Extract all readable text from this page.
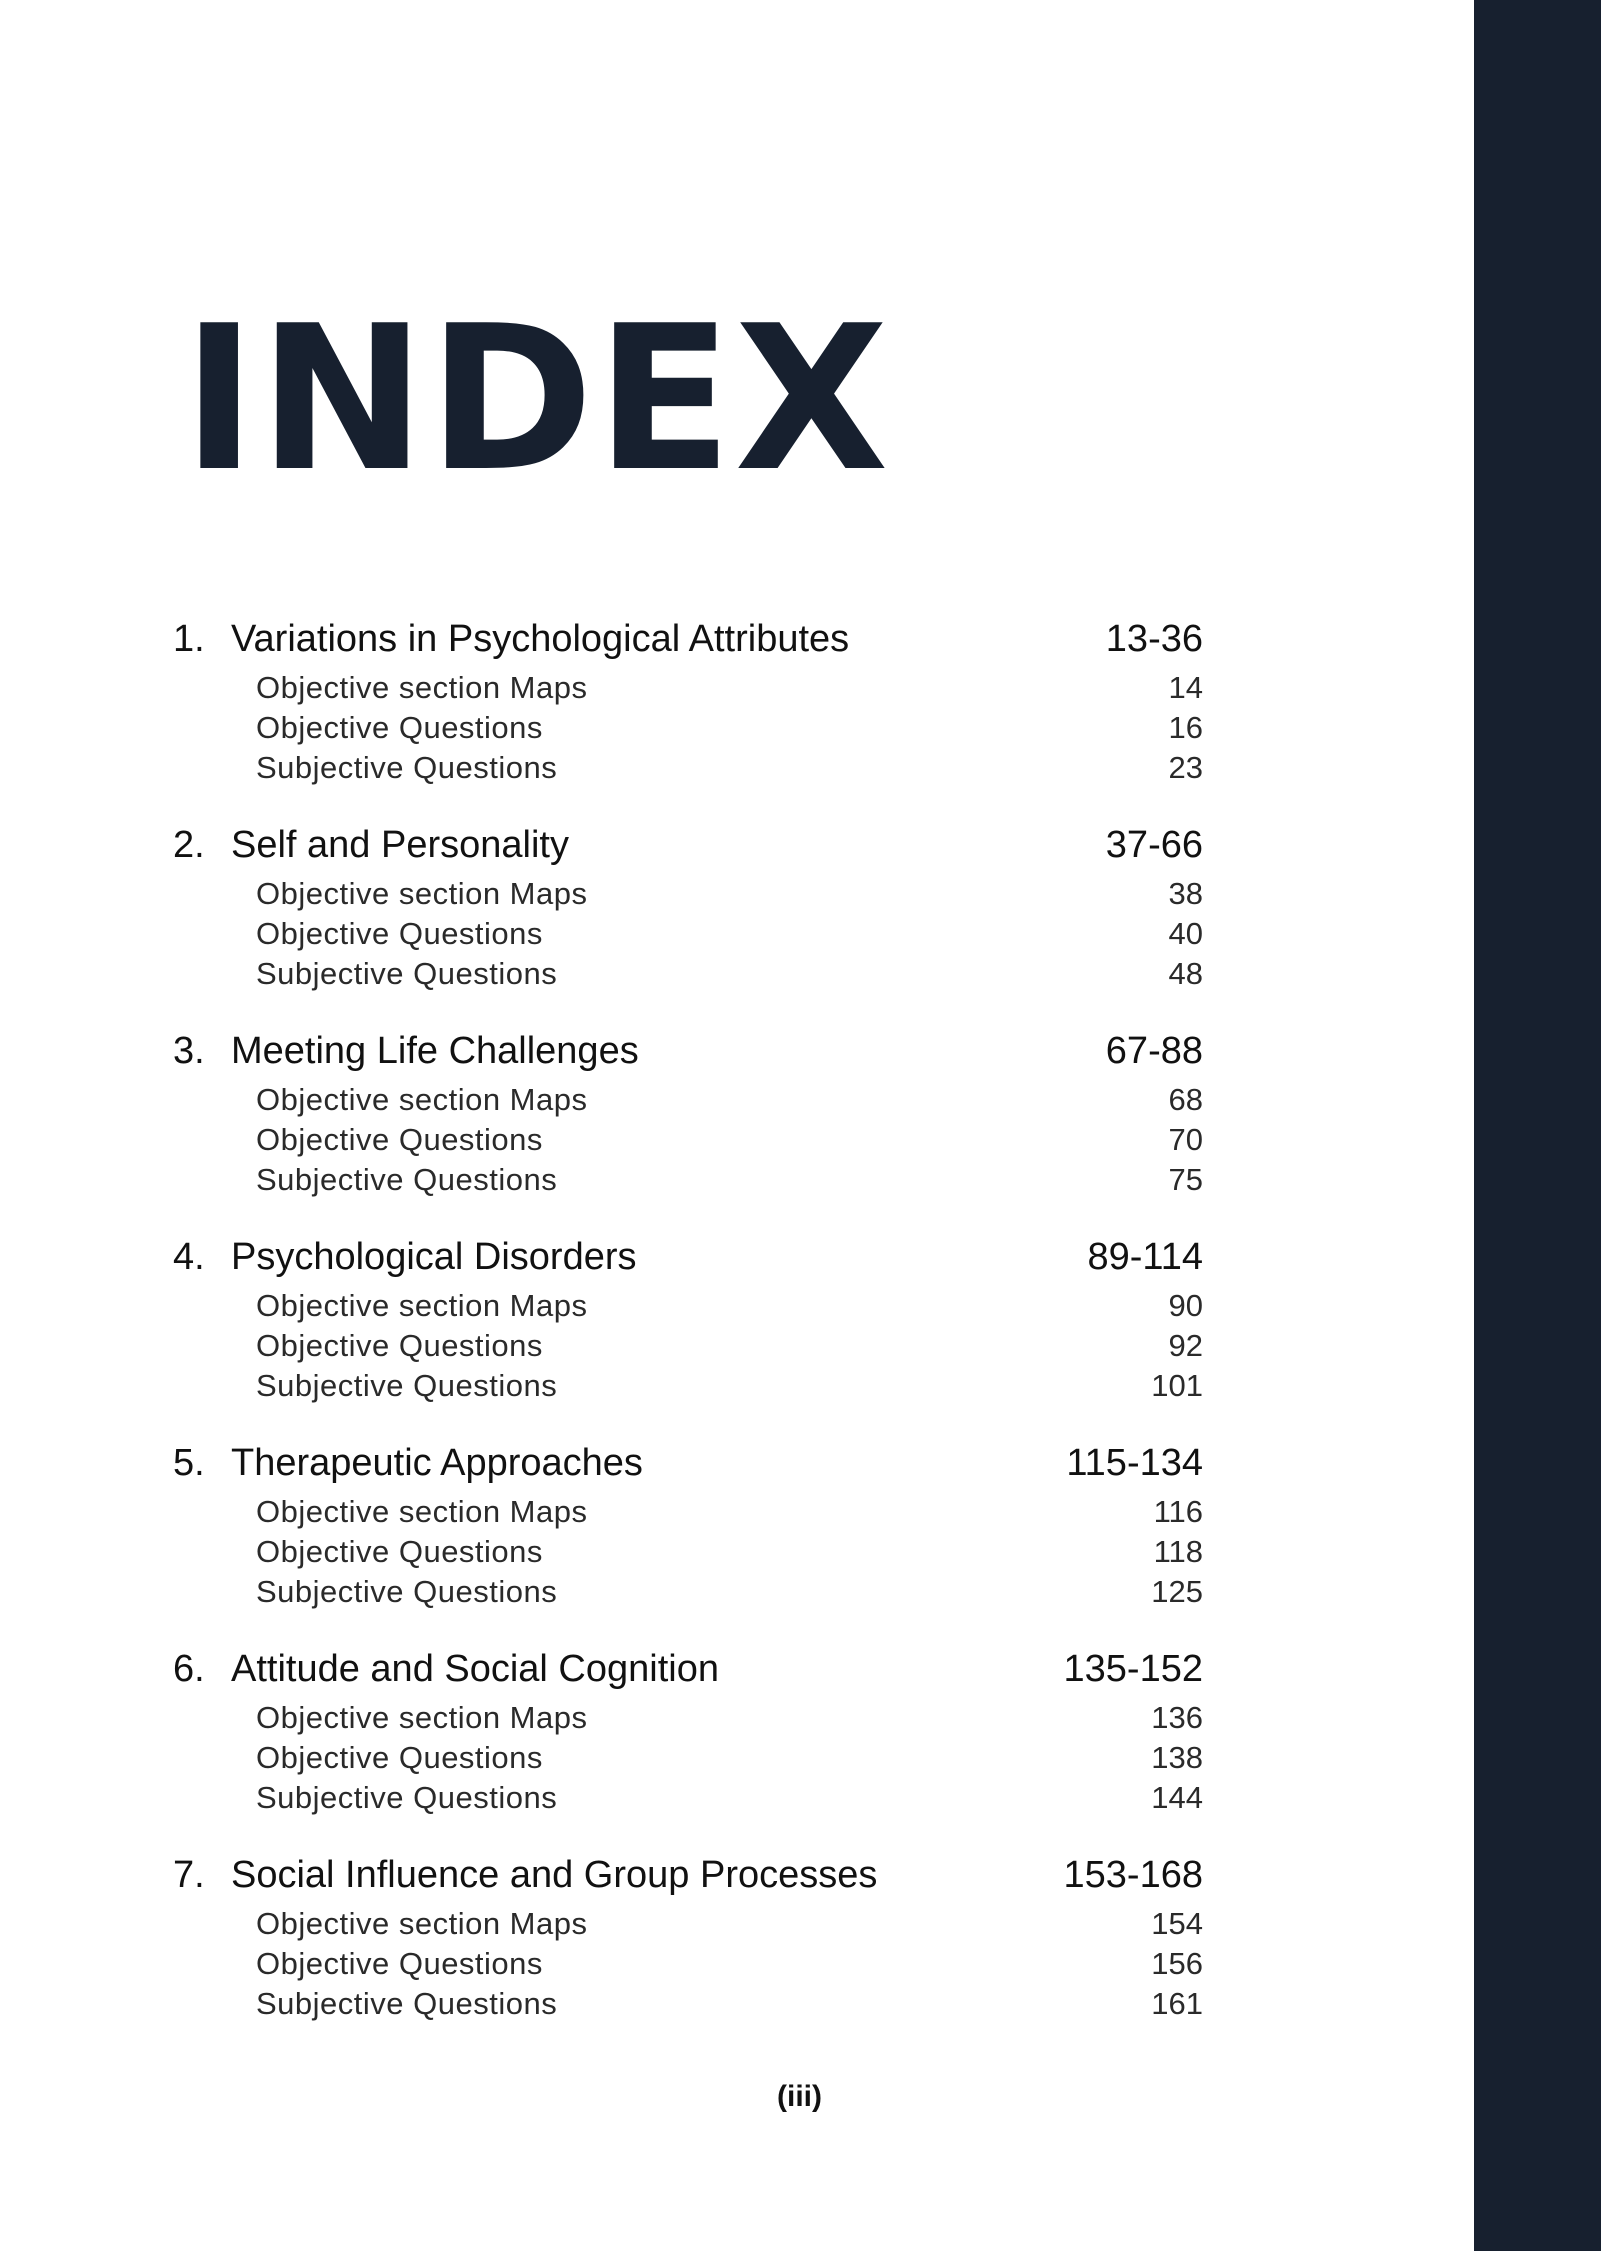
INDEX
1. Variations in Psychological Attributes	13-36
Objective section Maps	14
Objective Questions	16
Subjective Questions	23
2. Self and Personality	37-66
Objective section Maps	38
Objective Questions	40
Subjective Questions	48
3. Meeting Life Challenges	67-88
Objective section Maps	68
Objective Questions	70
Subjective Questions	75
4. Psychological Disorders	89-114
Objective section Maps	90
Objective Questions	92
Subjective Questions	101
5. Therapeutic Approaches	115-134
Objective section Maps	116
Objective Questions	118
Subjective Questions	125
6. Attitude and Social Cognition	135-152
Objective section Maps	136
Objective Questions	138
Subjective Questions	144
7. Social Influence and Group Processes	153-168
Objective section Maps	154
Objective Questions	156
Subjective Questions	161
(iii)
